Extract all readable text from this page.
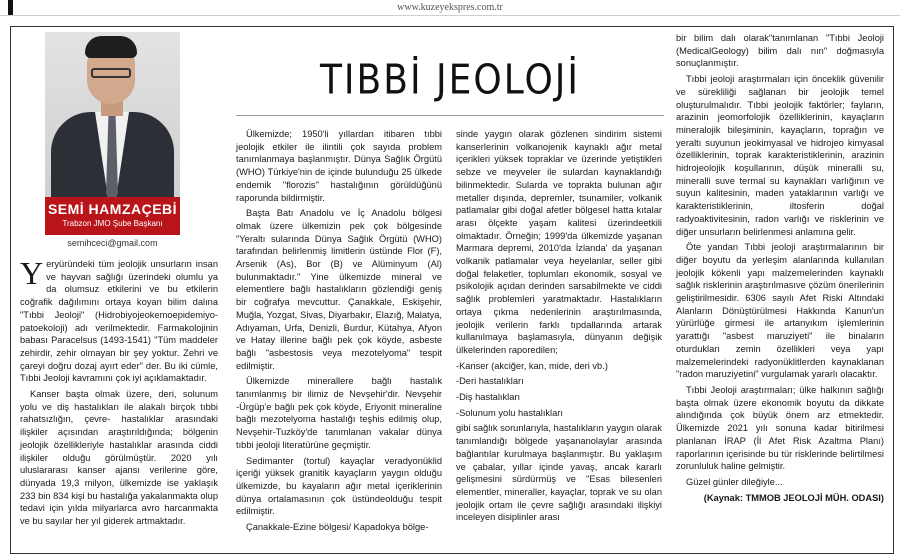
www.kuzeyekspres.com.tr
SEMİ HAMZAÇEBİ
Trabzon JMO Şube Başkanı
semihceci@gmail.com
TIBBİ JEOLOJİ

Yeryüründeki tüm jeolojik unsurların insan ve hayvan sağlığı üzerindeki olumlu ya da olumsuz etkilerini ve bu etkilerin coğrafik dağılımını ortaya koyan bilim dalına "Tıbbi Jeoloji" (Hidrobiyojeokemoepidemiyo-patoekoloji) adı verilmektedir. Farmakolojinin babası Paracelsus (1493-1541) "Tüm maddeler zehirdir, zehir olmayan bir şey yoktur. Zehri ve çareyi doğru dozaj ayırt eder" der. Bu iki cümle, Tıbbi Jeoloji kavramını çok iyi açıklamaktadır.

Kanser başta olmak üzere, deri, solunum yolu ve diş hastalıkları ile alakalı birçok tıbbi rahatsızlığın, çevre- hastalıklar arasındaki ilişkiler açısından araştırıldığında; bölgenin jeolojik özellikleriyle hastalıklar arasında ciddi ilişkiler olduğu görülmüştür. 2020 yılı uluslararası kanser ajansı verilerine göre, dünyada 19,3 milyon, ülkemizde ise yaklaşık 233 bin 834 kişi bu hastalığa yakalanmakta olup tedavi için yılda milyarlarca avro harcanmakta ve bu sayılar her yıl giderek artmaktadır.

Ülkemizde; 1950'li yıllardan itibaren tıbbi jeolojik etkiler ile ilintili çok sayıda problem tanımlanmaya başlanmıştır. Dünya Sağlık Örgütü (WHO) Türkiye'nin de içinde bulunduğu 25 ülkede endemik "florozis" hastalığının görüldüğünü raporunda bildirmiştir.

Başta Batı Anadolu ve İç Anadolu bölgesi olmak üzere ülkemizin pek çok bölgesinde "Yeraltı sularında Dünya Sağlık Örgütü (WHO) tarafından belirlenmiş limitlerin üstünde Flor (F), Arsenik (As), Bor (B) ve Alüminyum (Al) bulunmaktadır." Yine ülkemizde mineral ve elementlere bağlı hastalıkların gözlendiği geniş bir coğrafya mevcuttur. Çanakkale, Eskişehir, Muğla, Yozgat, Sivas, Diyarbakır, Elazığ, Malatya, Adıyaman, Urfa, Denizli, Burdur, Kütahya, Afyon ve Hatay illerine bağlı pek çok köyde, asbeste bağlı "asbestosis veya mezotelyoma" tespit edilmiştir.

Ülkemizde minerallere bağlı hastalık tanımlanmış bir ilimiz de Nevşehir'dir. Nevşehir -Ürgüp'e bağlı pek çok köyde, Eriyonit mineraline bağlı mezotelyoma hastalığı teşhis edilmiş olup, Nevşehir-Tuzköy'de tanımlanan vakalar dünya tıbbi jeoloji literatürüne geçmiştir.

Sedimanter (tortul) kayaçlar veradyonüklid içeriği yüksek granitik kayaçların yaygın olduğu ülkemizde, bu kayaların ağır metal içeriklerinin dünya ortalamasının çok üstündeolduğu tespit edilmiştir.

Çanakkale-Ezine bölgesi/ Kapadokya bölge-

sinde yaygın olarak gözlenen sindirim sistemi kanserlerinin volkanojenik kaynaklı ağır metal içerikleri yüksek topraklar ve üzerinde yetiştikleri sebze ve meyveler ile sulardan kaynaklandığı bilinmektedir. Sularda ve toprakta bulunan ağır metaller dışında, depremler, tsunamiler, volkanik patlamalar gibi doğal afetler bölgesel hatta kıtalar arası ölçekte yaşam kalitesi üzerindeetkili olmaktadır. Örneğin; 1999'da ülkemizde yaşanan Marmara depremi, 2010'da İzlanda' da yaşanan volkanik patlamalar veya heyelanlar, seller gibi doğal felaketler, toplumları ekonomik, sosyal ve psikolojik açıdan derinden sarsabilmekte ve ciddi sağlık problemleri yaratmaktadır. Hastalıkların ortaya çıkma nedenlerinin araştırılmasında, jeolojik verilerin farklı tıpdallarında artarak kullanılmaya başlamasıyla, dünyanın değişik ülkelerinden raporedilen;

-Kanser (akciğer, kan, mide, deri vb.)

-Deri hastalıkları

-Diş hastalıkları

-Solunum yolu hastalıkları

gibi sağlık sorunlarıyla, hastalıkların yaygın olarak tanımlandığı bölgede yaşananolaylar arasında bağlantılar kurulmaya başlanmıştır. Bu yaklaşım ve çabalar, yıllar içinde yavaş, ancak kararlı gelişmesini sürdürmüş ve "Esas bilesenleri elementler, mineraller, kayaçlar, toprak ve su olan jeolojik ortam ile çevre sağlığı arasındaki ilişkiyi inceleyen disiplinler arası

bir bilim dalı olarak"tanımlanan "Tıbbi Jeoloji (MedicalGeology) bilim dalı nın" doğmasıyla sonuçlanmıştır.

Tıbbi jeoloji araştırmaları için önceklik güvenilir ve sürekliliği sağlanan bir jeolojik temel oluşturulmalıdır. Tıbbi jeolojik faktörler; fayların, arazinin jeomorfolojik özelliklerinin, kayaçların mineralojik bileşiminin, kayaçların, toprağın ve yeraltı suyunun jeokimyasal ve hidrojeo kimyasal özelliklerinin, toprak karakteristiklerinin, arazinin hidrojeolojik koşullarının, düşük mineralli su, mineralli suve termal su kaynakları varlığının ve suyun kalitesinin, maden yataklarının varlığı ve karakteristiklerinin, iltosferin doğal radyoaktivitesinin, radon varlığı ve risklerinin ve diğer unsurların belirlenmesi anlamına gelir.

Öte yandan Tıbbi jeoloji araştırmalarının bir diğer boyutu da yerleşim alanlarında kullanılan jeolojik kökenli yapı malzemelerinden kaynaklı sağlık risklerinin araştırılmasıve çözüm önerilerinin geliştirilmesidir. 6306 sayılı Afet Riski Altındaki Alanların Dönüştürülmesi Hakkında Kanun'un yürürlüğe girmesi ile artanyıkım işlemlerinin yarattığı "asbest maruziyeti" ile binaların oturdukları zemin özellikleri veya yapı malzemelerindeki radyonüklitlerden kaynaklanan "radon maruziyetini" vurgulamak yararlı olacaktır.

Tıbbi Jeoloji araştırmaları; ülke halkının sağlığı başta olmak üzere ekonomik boyutu da dikkate alındığında çok büyük önem arz etmektedir. Ülkemizde 2021 yılı sonuna kadar bitirilmesi planlanan İRAP (İl Afet Risk Azaltma Planı) raporlarının içerisinde bu tür risklerinde belirtilmesi zorunluluk haline gelmiştir.

Güzel günler dileğiyle...

(Kaynak: TMMOB JEOLOJİ MÜH. ODASI)
